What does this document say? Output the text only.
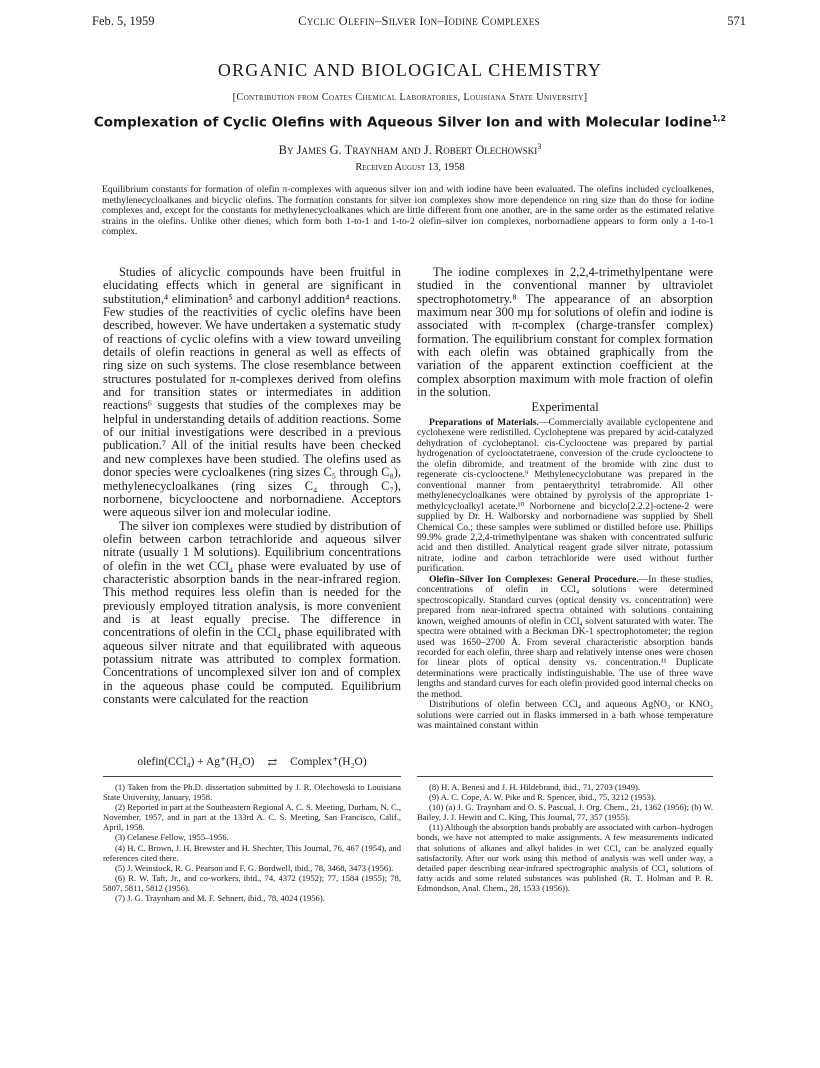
Feb. 5, 1959	Cyclic Olefin–Silver Ion–Iodine Complexes	571
ORGANIC AND BIOLOGICAL CHEMISTRY
[Contribution from Coates Chemical Laboratories, Louisiana State University]
Complexation of Cyclic Olefins with Aqueous Silver Ion and with Molecular Iodine$^{1,2}$
By James G. Traynham and J. Robert Olechowski$^3$
Received August 13, 1958
Equilibrium constants for formation of olefin π-complexes with aqueous silver ion and with iodine have been evaluated. The olefins included cycloalkenes, methylenecycloalkanes and bicyclic olefins. The formation constants for silver ion complexes show more dependence on ring size than do those for iodine complexes and, except for the constants for methylenecycloalkanes which are little different from one another, are in the same order as the estimated relative strains in the olefins. Unlike other dienes, which form both 1-to-1 and 1-to-2 olefin–silver ion complexes, norbornadiene appears to form only a 1-to-1 complex.

Studies of alicyclic compounds have been fruitful in elucidating effects which in general are significant in substitution,⁴ elimination⁵ and carbonyl addition⁴ reactions. Few studies of the reactivities of cyclic olefins have been described, however. We have undertaken a systematic study of reactions of cyclic olefins with a view toward unveiling details of olefin reactions in general as well as effects of ring size on such systems. The close resemblance between structures postulated for π-complexes derived from olefins and for transition states or intermediates in addition reactions⁶ suggests that studies of the complexes may be helpful in understanding details of addition reactions. Some of our initial investigations were described in a previous publication.⁷ All of the initial results have been checked and new complexes have been studied. The olefins used as donor species were cycloalkenes (ring sizes C₅ through C₈), methylenecycloalkanes (ring sizes C₄ through C₇), norbornene, bicyclooctene and norbornadiene. Acceptors were aqueous silver ion and molecular iodine.

The silver ion complexes were studied by distribution of olefin between carbon tetrachloride and aqueous silver nitrate (usually 1 M solutions). Equilibrium concentrations of olefin in the wet CCl₄ phase were evaluated by use of characteristic absorption bands in the near-infrared region. This method requires less olefin than is needed for the previously employed titration analysis, is more convenient and is at least equally precise. The difference in concentrations of olefin in the CCl₄ phase equilibrated with aqueous silver nitrate and that equilibrated with aqueous potassium nitrate was attributed to complex formation. Concentrations of uncomplexed silver ion and of complex in the aqueous phase could be computed. Equilibrium constants were calculated for the reaction

olefin(CCl₄) + Ag⁺(H₂O) ⇄ Complex⁺(H₂O)

The iodine complexes in 2,2,4-trimethylpentane were studied in the conventional manner by ultraviolet spectrophotometry.⁸ The appearance of an absorption maximum near 300 mμ for solutions of olefin and iodine is associated with π-complex (charge-transfer complex) formation. The equilibrium constant for complex formation with each olefin was obtained graphically from the variation of the apparent extinction coefficient at the complex absorption maximum with mole fraction of olefin in the solution.

Experimental

Preparations of Materials.—Commercially available cyclopentene and cyclohexene were redistilled. Cycloheptene was prepared by acid-catalyzed dehydration of cycloheptanol. cis-Cyclooctene was prepared by partial hydrogenation of cyclooctatetraene, conversion of the crude cyclooctene to the olefin dibromide, and treatment of the bromide with zinc dust to regenerate cis-cyclooctene.⁹ Methylenecyclobutane was prepared in the conventional manner from pentaerythrityl tetrabromide. All other methylenecycloalkanes were obtained by pyrolysis of the appropriate 1-methylcycloalkyl acetate.¹⁰ Norbornene and bicyclo[2.2.2]-octene-2 were supplied by Dr. H. Walborsky and norbornadiene was supplied by Shell Chemical Co.; these samples were sublimed or distilled before use. Phillips 99.9% grade 2,2,4-trimethylpentane was shaken with concentrated sulfuric acid and then distilled. Analytical reagent grade silver nitrate, potassium nitrate, iodine and carbon tetrachloride were used without further purification.

Olefin–Silver Ion Complexes: General Procedure.—In these studies, concentrations of olefin in CCl₄ solutions were determined spectroscopically. Standard curves (optical density vs. concentration) were prepared from near-infrared spectra obtained with solutions containing known, weighed amounts of olefin in CCl₄ solvent saturated with water. The spectra were obtained with a Beckman DK-1 spectrophotometer; the region used was 1650–2700 Å. From several characteristic absorption bands recorded for each olefin, three sharp and relatively intense ones were chosen for linear plots of optical density vs. concentration.¹¹ Duplicate determinations were practically indistinguishable. The use of three wave lengths and standard curves for each olefin provided good internal checks on the method.

Distributions of olefin between CCl₄ and aqueous AgNO₃ or KNO₃ solutions were carried out in flasks immersed in a bath whose temperature was maintained constant within

(1) Taken from the Ph.D. dissertation submitted by J. R. Olechowski to Louisiana State University, January, 1958.

(2) Reported in part at the Southeastern Regional A. C. S. Meeting, Durham, N. C., November, 1957, and in part at the 133rd A. C. S. Meeting, San Francisco, Calif., April, 1958.

(3) Celanese Fellow, 1955–1956.

(4) H. C. Brown, J. H. Brewster and H. Shechter, This Journal, 76, 467 (1954), and references cited there.

(5) J. Weinstock, R. G. Pearson and F. G. Bordwell, ibid., 78, 3468, 3473 (1956).

(6) R. W. Taft, Jr., and co-workers, ibid., 74, 4372 (1952); 77, 1584 (1955); 78, 5807, 5811, 5812 (1956).

(7) J. G. Traynham and M. F. Sehnert, ibid., 78, 4024 (1956).

(8) H. A. Benesi and J. H. Hildebrand, ibid., 71, 2703 (1949).

(9) A. C. Cope, A. W. Pike and R. Spencer, ibid., 75, 3212 (1953).

(10) (a) J. G. Traynham and O. S. Pascual, J. Org. Chem., 21, 1362 (1956); (b) W. Bailey, J. J. Hewitt and C. King, This Journal, 77, 357 (1955).

(11) Although the absorption bands probably are associated with carbon–hydrogen bonds, we have not attempted to make assignments. A few measurements indicated that solutions of alkanes and alkyl halides in wet CCl₄ can be analyzed equally satisfactorily. After our work using this method of analysis was well under way, a detailed paper describing near-infrared spectrographic analysis of CCl₄ solutions of fatty acids and some related substances was published (R. T. Holman and P. R. Edmondson, Anal. Chem., 28, 1533 (1956)).
